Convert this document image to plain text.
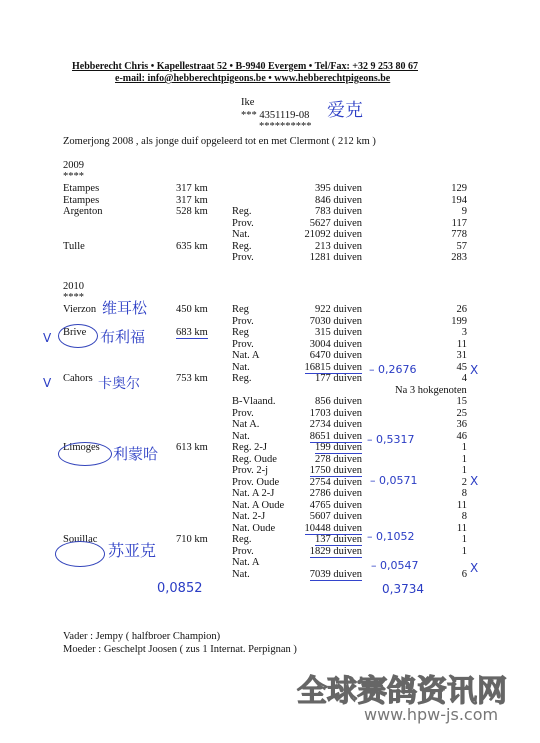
Hebberecht Chris • Kapellestraat 52 • B-9940 Evergem • Tel/Fax: +32 9 253 80 67
e-mail: info@hebberechtpigeons.be • www.hebberechtpigeons.be
Ike
*** 4351119-08
**********
爱克
Zomerjong 2008 , als jonge duif opgeleerd tot en met Clermont ( 212 km )
2009
****
Etampes	317 km	395 duiven	129
Etampes	317 km	846 duiven	194
Argenton	528 km Reg.	783 duiven	9
Prov.	5627 duiven	117
Nat.	21092 duiven	778
Tulle	635 km Reg.	213 duiven	57
Prov.	1281 duiven	283
2010
****
Vierzon	450 km Reg	922 duiven	26
Prov.	7030 duiven	199
Brive	683 km Reg	315 duiven	3
Prov.	3004 duiven	11
Nat. A	6470 duiven	31
Nat.	16815 duiven	45
Cahors	753 km Reg.	177 duiven	4
Na 3 hokgenoten
B-Vlaand.	856 duiven	15
Prov.	1703 duiven	25
Nat A.	2734 duiven	36
Nat.	8651 duiven	46
Limoges	613 km Reg. 2-J	199 duiven	1
Reg. Oude	278 duiven	1
Prov. 2-j	1750 duiven	1
Prov. Oude	2754 duiven	2
Nat. A 2-J	2786 duiven	8
Nat. A Oude 4765 duiven	11
Nat. 2-J	5607 duiven	8
Nat. Oude	10448 duiven	11
Souillac	710 km Reg.	137 duiven	1
Prov.	1829 duiven	1
Nat. A
Nat.	7039 duiven	6
维耳松
布利福
卡奥尔
利蒙哈
苏亚克
V
V
– 0,2676
– 0,5317
– 0,0571
– 0,1052
– 0,0547
0,3734
0,0852
X
X
X
Vader : Jempy ( halfbroer Champion)
Moeder : Geschelpt Joosen ( zus 1 Internat. Perpignan )
全球赛鸽资讯网
www.hpw-js.com
